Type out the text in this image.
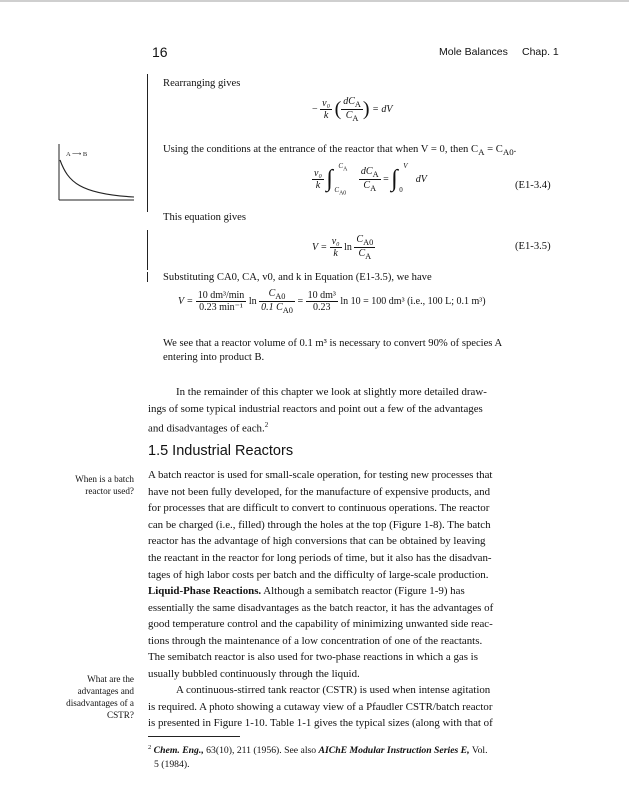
16	Mole Balances Chap. 1
A ⟶ B
Rearranging gives
− $\frac{\text{v₀}}{k}$ ( $\frac{dC_A}{C_A}$ ) = dV
Using the conditions at the entrance of the reactor that when V = 0, then $C_A = C_{A0}$.
$\frac{\text{v₀}}{k}$ ∫ $C_A$
$C_{A0}$

$\frac{dC_A}{C_A}$ = ∫ V
0
dV
(E1-3.4)
This equation gives
$V = \frac{\text{v₀}}{k}$ $\ln \frac{C_{A0}}{C_A}$	(E1-3.5)
Substituting CA0, CA, v0, and k in Equation (E1-3.5), we have
$V = \frac{\text{10 dm³/min}}{\text{0.23 min⁻¹}}$ $\ln \frac{C_{A0}}{0.1 C_{A0}} = \frac{\text{10 dm³}}{0.23}$ ln 10 = 100 dm³ (i.e., 100 L; 0.1 m³)
We see that a reactor volume of 0.1 m³ is necessary to convert 90% of species A
entering into product B.
In the remainder of this chapter we look at slightly more detailed draw-
ings of some typical industrial reactors and point out a few of the advantages
and disadvantages of each.$^2$
1.5 Industrial Reactors
When is a batch
reactor used?
What are the
advantages and
disadvantages of a
CSTR?
A batch reactor is used for small-scale operation, for testing new processes that
have not been fully developed, for the manufacture of expensive products, and
for processes that are difficult to convert to continuous operations. The reactor
can be charged (i.e., filled) through the holes at the top (Figure 1-8). The batch
reactor has the advantage of high conversions that can be obtained by leaving
the reactant in the reactor for long periods of time, but it also has the disadvan-
tages of high labor costs per batch and the difficulty of large-scale production.
Liquid-Phase Reactions. Although a semibatch reactor (Figure 1-9) has
essentially the same disadvantages as the batch reactor, it has the advantages of
good temperature control and the capability of minimizing unwanted side reac-
tions through the maintenance of a low concentration of one of the reactants.
The semibatch reactor is also used for two-phase reactions in which a gas is
usually bubbled continuously through the liquid.
A continuous-stirred tank reactor (CSTR) is used when intense agitation
is required. A photo showing a cutaway view of a Pfaudler CSTR/batch reactor
is presented in Figure 1-10. Table 1-1 gives the typical sizes (along with that of
$^2$ Chem. Eng., 63(10), 211 (1956). See also AIChE Modular Instruction Series E, Vol.
5 (1984).
